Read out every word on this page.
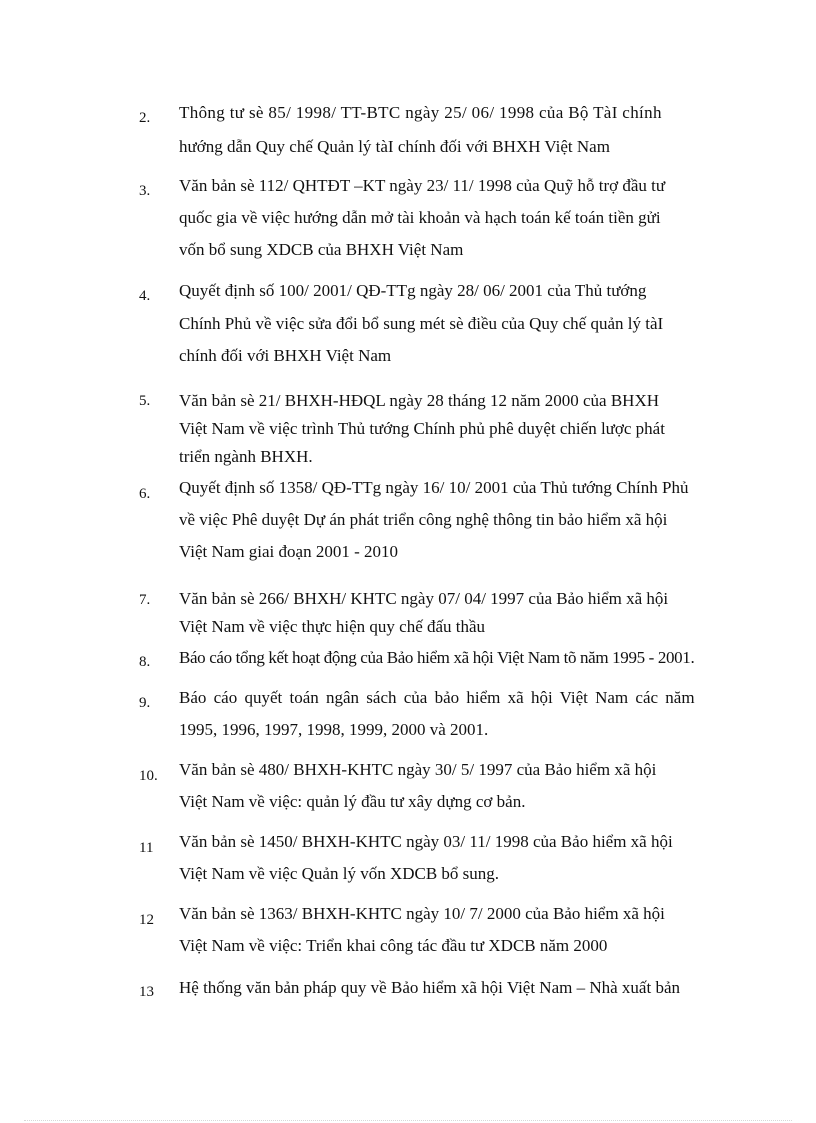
2. Thông tư sè 85/ 1998/ TT-BTC ngày 25/ 06/ 1998 của Bộ TàI chính
hướng dẫn Quy chế Quản lý tàI chính đối với BHXH Việt Nam
3. Văn bản sè 112/ QHTĐT –KT ngày 23/ 11/ 1998 của Quỹ hỗ trợ đầu tư
quốc gia về việc hướng dẫn mở tài khoản và hạch toán kế toán tiền gửi
vốn bổ sung XDCB của BHXH Việt Nam
4. Quyết định số 100/ 2001/ QĐ-TTg ngày 28/ 06/ 2001 của Thủ tướng
Chính Phủ về việc sửa đổi bổ sung mét sè điều của Quy chế quản lý tàI
chính đối với BHXH Việt Nam
5. Văn bản sè 21/ BHXH-HĐQL ngày 28 tháng 12 năm 2000 của BHXH
Việt Nam về việc trình Thủ tướng Chính phủ phê duyệt chiến lược phát
triển ngành BHXH.
6. Quyết định số 1358/ QĐ-TTg ngày 16/ 10/ 2001 của Thủ tướng Chính Phủ
về việc Phê duyệt Dự án phát triển công nghệ thông tin bảo hiểm xã hội
Việt Nam giai đoạn 2001 - 2010
7. Văn bản sè 266/ BHXH/ KHTC ngày 07/ 04/ 1997 của Bảo hiểm xã hội
Việt Nam về việc thực hiện quy chế đấu thầu
8. Báo cáo tổng kết hoạt động của Bảo hiểm xã hội Việt Nam tõ năm 1995 - 2001.
9. Báo cáo quyết toán ngân sách của bảo hiểm xã hội Việt Nam các năm
1995, 1996, 1997, 1998, 1999, 2000 và 2001.
10. Văn bản sè 480/ BHXH-KHTC ngày 30/ 5/ 1997 của Bảo hiểm xã hội
Việt Nam về việc: quản lý đầu tư xây dựng cơ bản.
11 Văn bản sè 1450/ BHXH-KHTC ngày 03/ 11/ 1998 của Bảo hiểm xã hội
Việt Nam về việc Quản lý vốn XDCB bổ sung.
12 Văn bản sè 1363/ BHXH-KHTC ngày 10/ 7/ 2000 của Bảo hiểm xã hội
Việt Nam về việc: Triển khai công tác đầu tư XDCB năm 2000
13 Hệ thống văn bản pháp quy về Bảo hiểm xã hội Việt Nam – Nhà xuất bản
